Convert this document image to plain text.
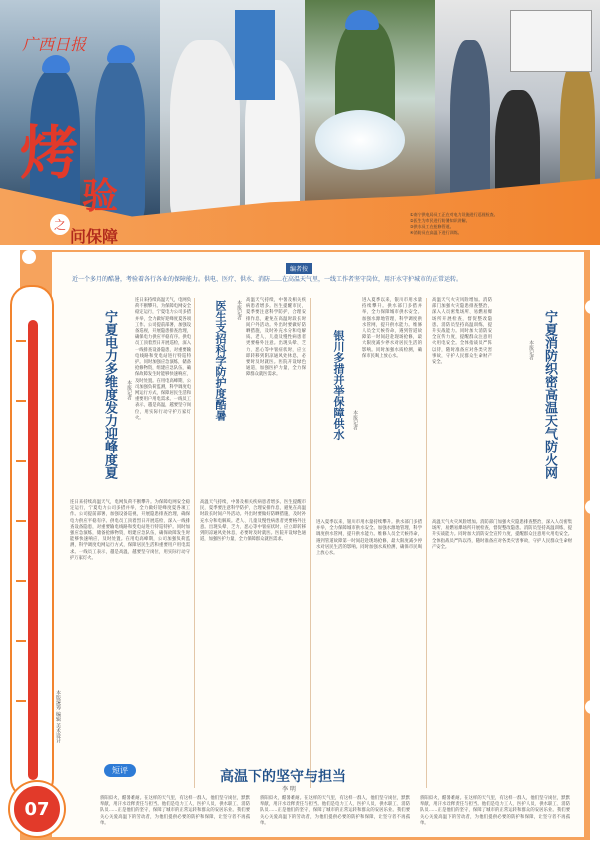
广西日报
烤
验
之
问保障
①南宁供电局员工正在对电力设施进行巡视检查。
②医生为市民进行防暑知识讲解。
③供水员工在抢修管道。
④消防员在高温下进行训练。
07
编者按
近一个多月的酷暑，考验着各行各业的保障能力。供电、医疗、供水、消防……在高温天气里，一线工作者坚守岗位，用汗水守护城市的正常运转。
宁夏电力多维度发力迎峰度夏	本报记者
连日来持续高温天气，电网负荷不断攀升。为保障电网安全稳定运行，宁夏电力公司多措并举，全力做好迎峰度夏各项工作。公司提前部署，加强设备巡视，开展隐患排查治理，确保电力供应平稳有序。供电员工顶着烈日开展巡检，深入一线排查设备隐患，对重要输电线路和变电站进行特巡特护。同时加强应急演练，储备抢修物资，组建应急队伍，确保故障发生时能够快速响应、及时处置。在用电高峰期，公司加强负荷监测，科学调度电网运行方式，保障居民生活和重要用户用电需求。一线员工表示，越是高温，越要坚守岗位，用实际行动守护万家灯火。
连日来持续高温天气，电网负荷不断攀升。为保障电网安全稳定运行，宁夏电力公司多措并举，全力做好迎峰度夏各项工作。公司提前部署，加强设备巡视，开展隐患排查治理，确保电力供应平稳有序。供电员工顶着烈日开展巡检，深入一线排查设备隐患，对重要输电线路和变电站进行特巡特护。同时加强应急演练，储备抢修物资，组建应急队伍，确保故障发生时能够快速响应、及时处置。在用电高峰期，公司加强负荷监测，科学调度电网运行方式，保障居民生活和重要用户用电需求。一线员工表示，越是高温，越要坚守岗位，用实际行动守护万家灯火。
医生支招科学防护度酷暑 本报记者 高温天气持续，中暑及相关疾病患者增多。医生提醒市民，夏季要注意科学防护，合理安排作息，避免在高温时段长时间户外活动。外出时要做好防晒措施，及时补充水分和电解质。老人、儿童及慢性病患者更要格外注意。出现头晕、乏力、恶心等中暑症状时，应立即转移到阴凉通风处休息，必要时及时就医。医院开设绿色通道，加强医护力量，全力保障群众就医需求。
高温天气持续，中暑及相关疾病患者增多。医生提醒市民，夏季要注意科学防护，合理安排作息，避免在高温时段长时间户外活动。外出时要做好防晒措施，及时补充水分和电解质。老人、儿童及慢性病患者更要格外注意。出现头晕、乏力、恶心等中暑症状时，应立即转移到阴凉通风处休息，必要时及时就医。医院开设绿色通道，加强医护力量，全力保障群众就医需求。
银川多措并举保障供水 本报记者
进入夏季以来，银川市用水量持续攀升。供水部门多措并举，全力保障城市供水安全。加强水源地管理，科学调度供水管网，提升供水能力。维修人员全天候待命，遇到管道故障第一时间赶赴现场抢修，最大限度减少停水对居民生活的影响。同时加强水质检测，确保市民喝上放心水。
进入夏季以来，银川市用水量持续攀升。供水部门多措并举，全力保障城市供水安全。加强水源地管理，科学调度供水管网，提升供水能力。维修人员全天候待命，遇到管道故障第一时间赶赴现场抢修，最大限度减少停水对居民生活的影响。同时加强水质检测，确保市民喝上放心水。
高温天气火灾风险增加。消防部门加强火灾隐患排查整治，深入人员密集场所、易燃易爆场所开展检查，督促整改隐患。消防员坚持高温训练，提升实战能力。同时加大消防安全宣传力度，提醒群众注意用火用电安全。全体指战员严阵以待，随时准备应对各类灾害事故，守护人民群众生命财产安全。	宁夏消防织密高温天气防火网
本报记者
高温天气火灾风险增加。消防部门加强火灾隐患排查整治，深入人员密集场所、易燃易爆场所开展检查，督促整改隐患。消防员坚持高温训练，提升实战能力。同时加大消防安全宣传力度，提醒群众注意用火用电安全。全体指战员严阵以待，随时准备应对各类灾害事故，守护人民群众生命财产安全。
短评	高温下的坚守与担当
李 明
骄阳似火，酷暑难耐。在这样的天气里，有这样一群人，他们坚守岗位，默默奉献，用汗水诠释责任与担当。他们是电力工人、医护人员、供水职工、消防队员……正是他们的坚守，保障了城市的正常运转和群众的安居乐业。我们要关心关爱高温下的劳动者，为他们提供必要的防护和保障，让坚守者不再孤单。
骄阳似火，酷暑难耐。在这样的天气里，有这样一群人，他们坚守岗位，默默奉献，用汗水诠释责任与担当。他们是电力工人、医护人员、供水职工、消防队员……正是他们的坚守，保障了城市的正常运转和群众的安居乐业。我们要关心关爱高温下的劳动者，为他们提供必要的防护和保障，让坚守者不再孤单。
骄阳似火，酷暑难耐。在这样的天气里，有这样一群人，他们坚守岗位，默默奉献，用汗水诠释责任与担当。他们是电力工人、医护人员、供水职工、消防队员……正是他们的坚守，保障了城市的正常运转和群众的安居乐业。我们要关心关爱高温下的劳动者，为他们提供必要的防护和保障，让坚守者不再孤单。
本版统筹 编辑 美术设计
